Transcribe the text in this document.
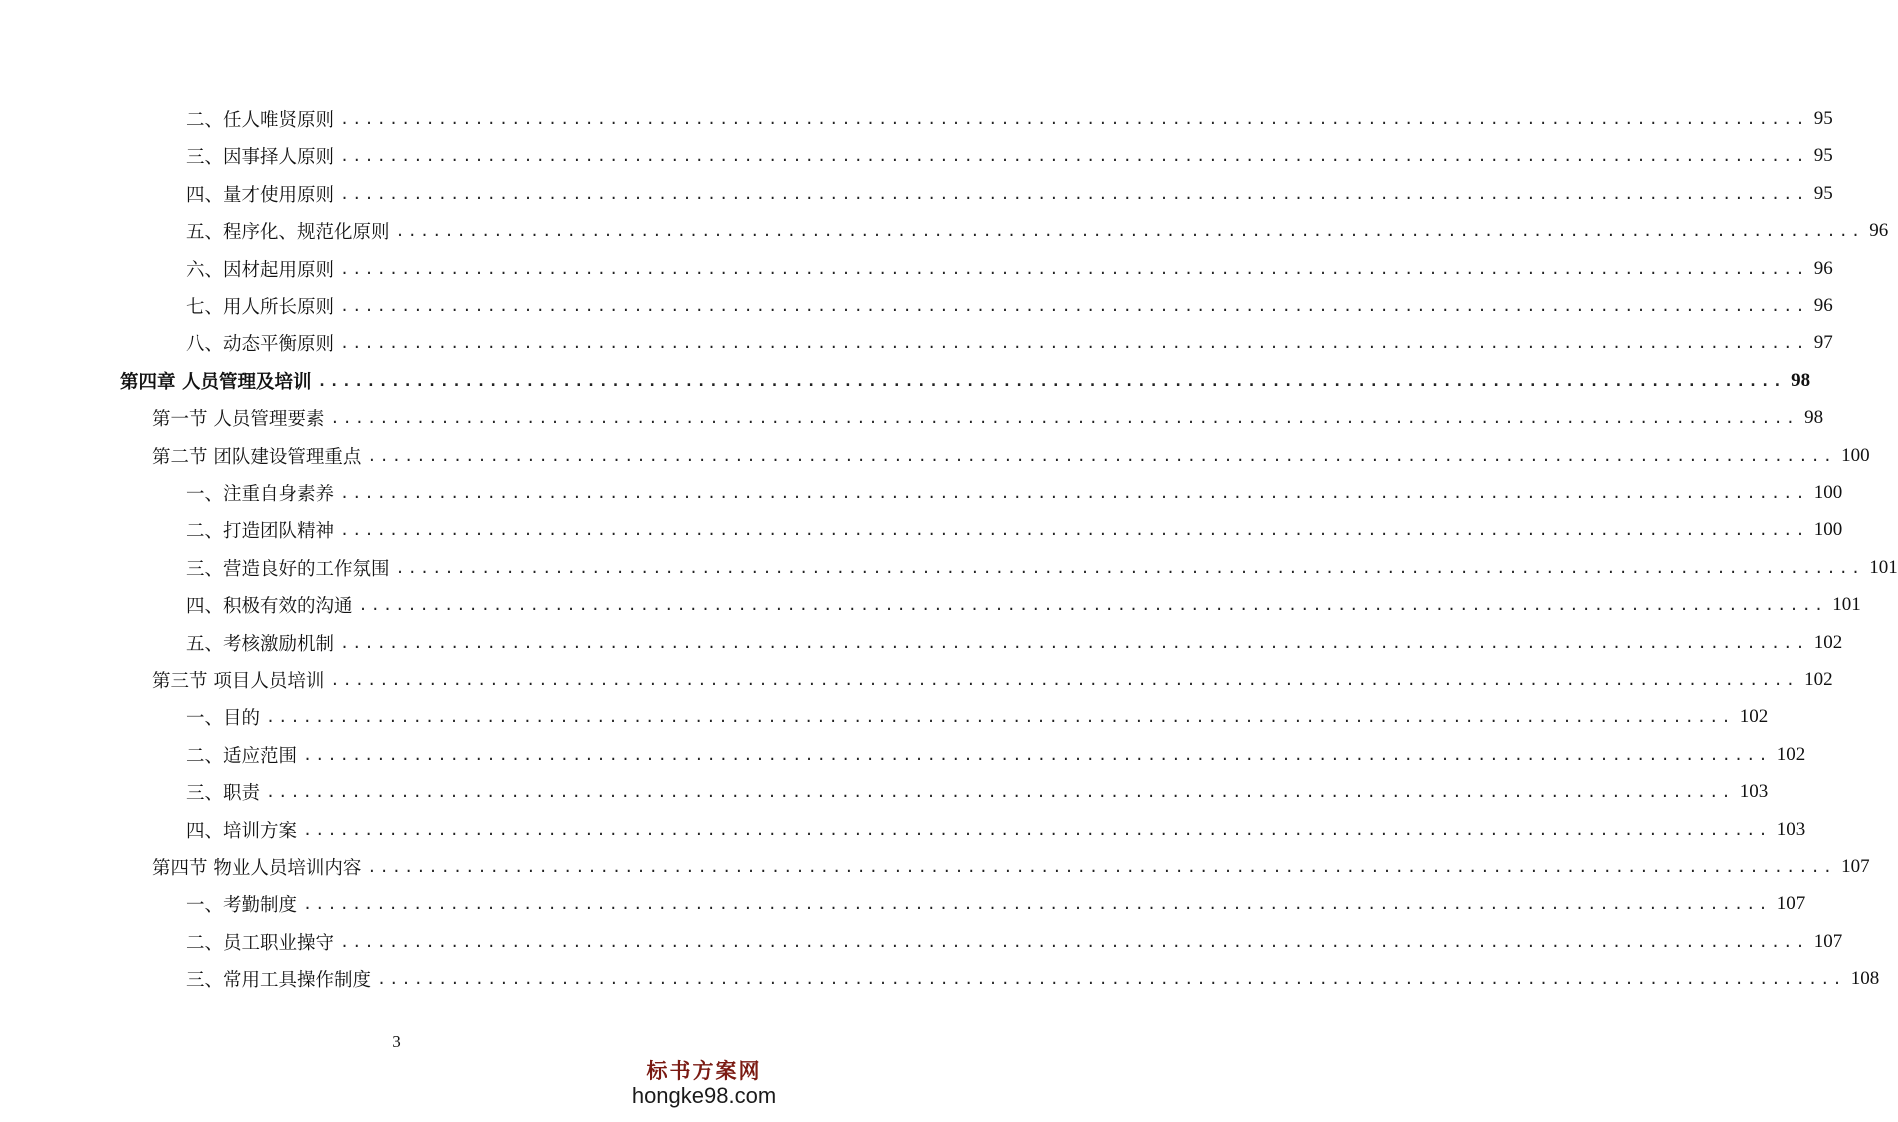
二、任人唯贤原则 ........................................................................................................................ 95
三、因事择人原则 ........................................................................................................................ 95
四、量才使用原则 ........................................................................................................................ 95
五、程序化、规范化原则 ........................................................................................................................ 96
六、因材起用原则 ........................................................................................................................ 96
七、用人所长原则 ........................................................................................................................ 96
八、动态平衡原则 ........................................................................................................................ 97
第四章 人员管理及培训 ........................................................................................................................ 98
第一节 人员管理要素 ........................................................................................................................ 98
第二节 团队建设管理重点 ........................................................................................................................ 100
一、注重自身素养 ........................................................................................................................ 100
二、打造团队精神 ........................................................................................................................ 100
三、营造良好的工作氛围 ........................................................................................................................ 101
四、积极有效的沟通 ........................................................................................................................ 101
五、考核激励机制 ........................................................................................................................ 102
第三节 项目人员培训 ........................................................................................................................ 102
一、目的 ........................................................................................................................ 102
二、适应范围 ........................................................................................................................ 102
三、职责 ........................................................................................................................ 103
四、培训方案 ........................................................................................................................ 103
第四节 物业人员培训内容 ........................................................................................................................ 107
一、考勤制度 ........................................................................................................................ 107
二、员工职业操守 ........................................................................................................................ 107
三、常用工具操作制度 ........................................................................................................................ 108
3
标书方案网
hongke98.com
